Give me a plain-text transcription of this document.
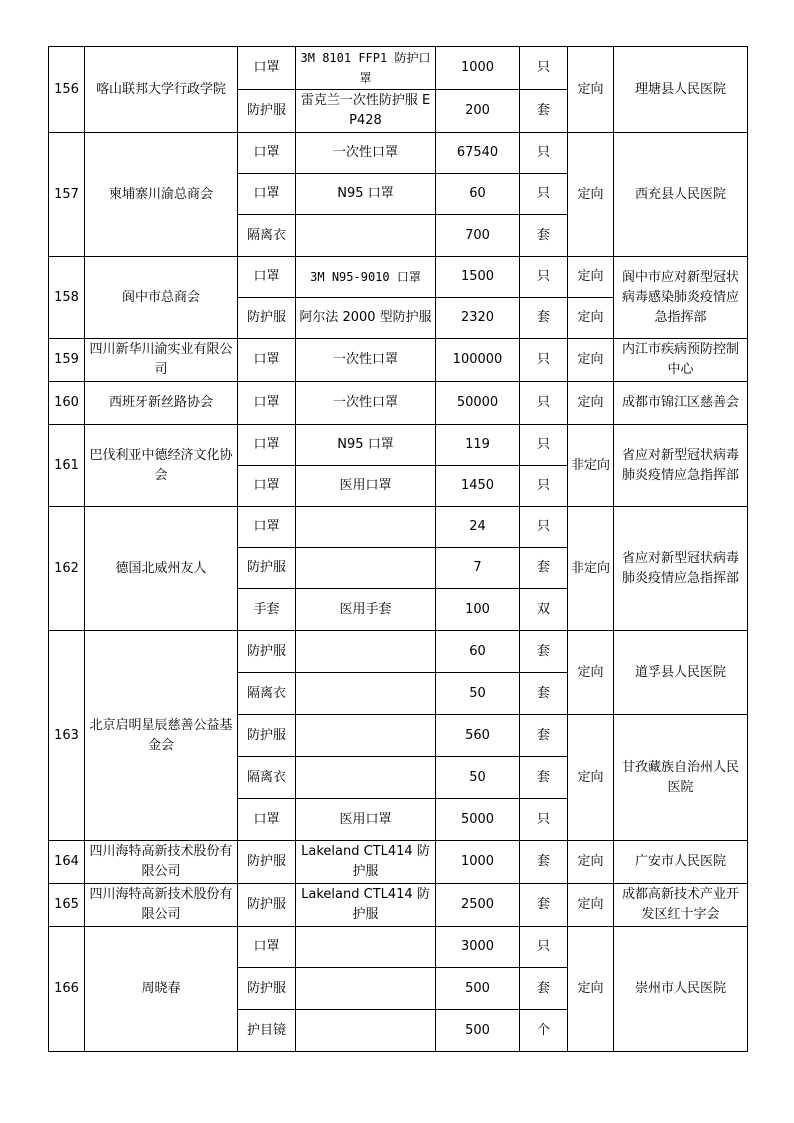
156	喀山联邦大学行政学院	口罩	3M 8101 FFP1 防护口罩	1000	只	定向	理塘县人民医院
		防护服	雷克兰一次性防护服 EP428	200	套		
157	柬埔寨川渝总商会	口罩	一次性口罩	67540	只	定向	西充县人民医院
		口罩	N95 口罩	60	只		
		隔离衣		700	套		
158	阆中市总商会	口罩	3M N95-9010 口罩	1500	只	定向	阆中市应对新型冠状病毒感染肺炎疫情应急指挥部
		防护服	阿尔法 2000 型防护服	2320	套	定向	
159	四川新华川渝实业有限公司	口罩	一次性口罩	100000	只	定向	内江市疾病预防控制中心
160	西班牙新丝路协会	口罩	一次性口罩	50000	只	定向	成都市锦江区慈善会
161	巴伐利亚中德经济文化协会	口罩	N95 口罩	119	只	非定向	省应对新型冠状病毒肺炎疫情应急指挥部
		口罩	医用口罩	1450	只		
162	德国北威州友人	口罩		24	只	非定向	省应对新型冠状病毒肺炎疫情应急指挥部
		防护服		7	套		
		手套	医用手套	100	双		
163	北京启明星辰慈善公益基金会	防护服		60	套	定向	道孚县人民医院
		隔离衣		50	套		
		防护服		560	套	定向	甘孜藏族自治州人民医院
		隔离衣		50	套		
		口罩	医用口罩	5000	只		
164	四川海特高新技术股份有限公司	防护服	Lakeland CTL414 防护服	1000	套	定向	广安市人民医院
165	四川海特高新技术股份有限公司	防护服	Lakeland CTL414 防护服	2500	套	定向	成都高新技术产业开发区红十字会
166	周晓春	口罩		3000	只	定向	崇州市人民医院
		防护服		500	套		
		护目镜		500	个		
